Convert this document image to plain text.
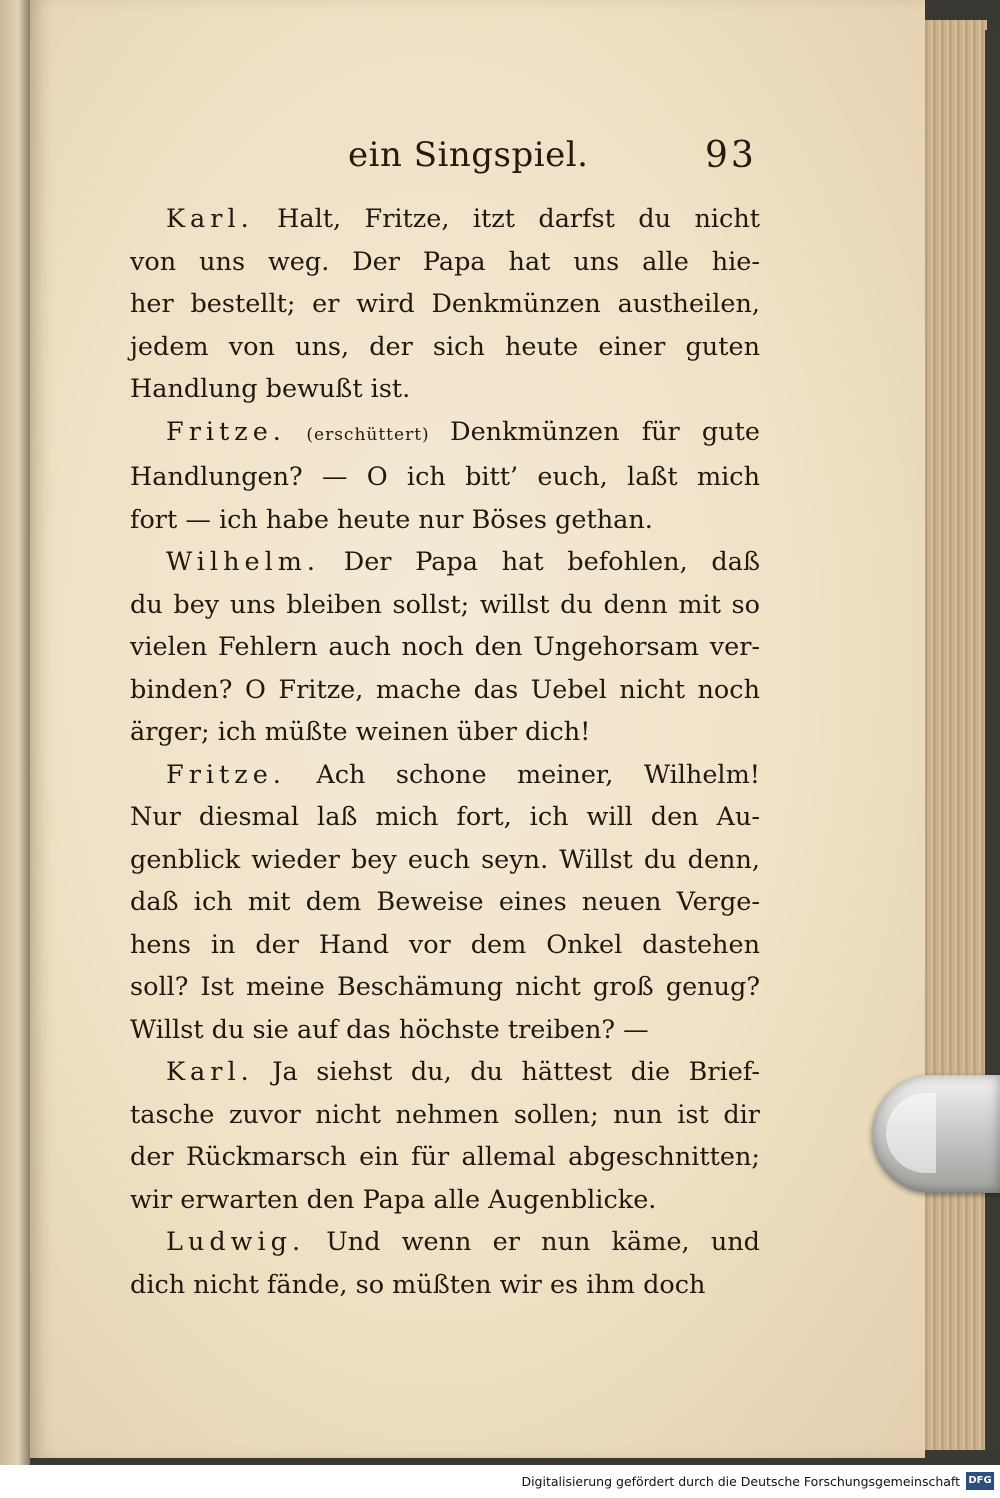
ein Singspiel.	93
Karl. Halt, Fritze, itzt darfst du nicht
von uns weg. Der Papa hat uns alle hie-
her bestellt; er wird Denkmünzen austheilen,
jedem von uns, der sich heute einer guten
Handlung bewußt ist.
Fritze. (erschüttert) Denkmünzen für gute
Handlungen? — O ich bitt’ euch, laßt mich
fort — ich habe heute nur Böses gethan.
Wilhelm. Der Papa hat befohlen, daß
du bey uns bleiben sollst; willst du denn mit so
vielen Fehlern auch noch den Ungehorsam ver-
binden? O Fritze, mache das Uebel nicht noch
ärger; ich müßte weinen über dich!
Fritze. Ach schone meiner, Wilhelm!
Nur diesmal laß mich fort, ich will den Au-
genblick wieder bey euch seyn. Willst du denn,
daß ich mit dem Beweise eines neuen Verge-
hens in der Hand vor dem Onkel dastehen
soll? Ist meine Beschämung nicht groß genug?
Willst du sie auf das höchste treiben? —
Karl. Ja siehst du, du hättest die Brief-
tasche zuvor nicht nehmen sollen; nun ist dir
der Rückmarsch ein für allemal abgeschnitten;
wir erwarten den Papa alle Augenblicke.
Ludwig. Und wenn er nun käme, und
dich nicht fände, so müßten wir es ihm doch
Digitalisierung gefördert durch die Deutsche Forschungsgemeinschaft DFG
